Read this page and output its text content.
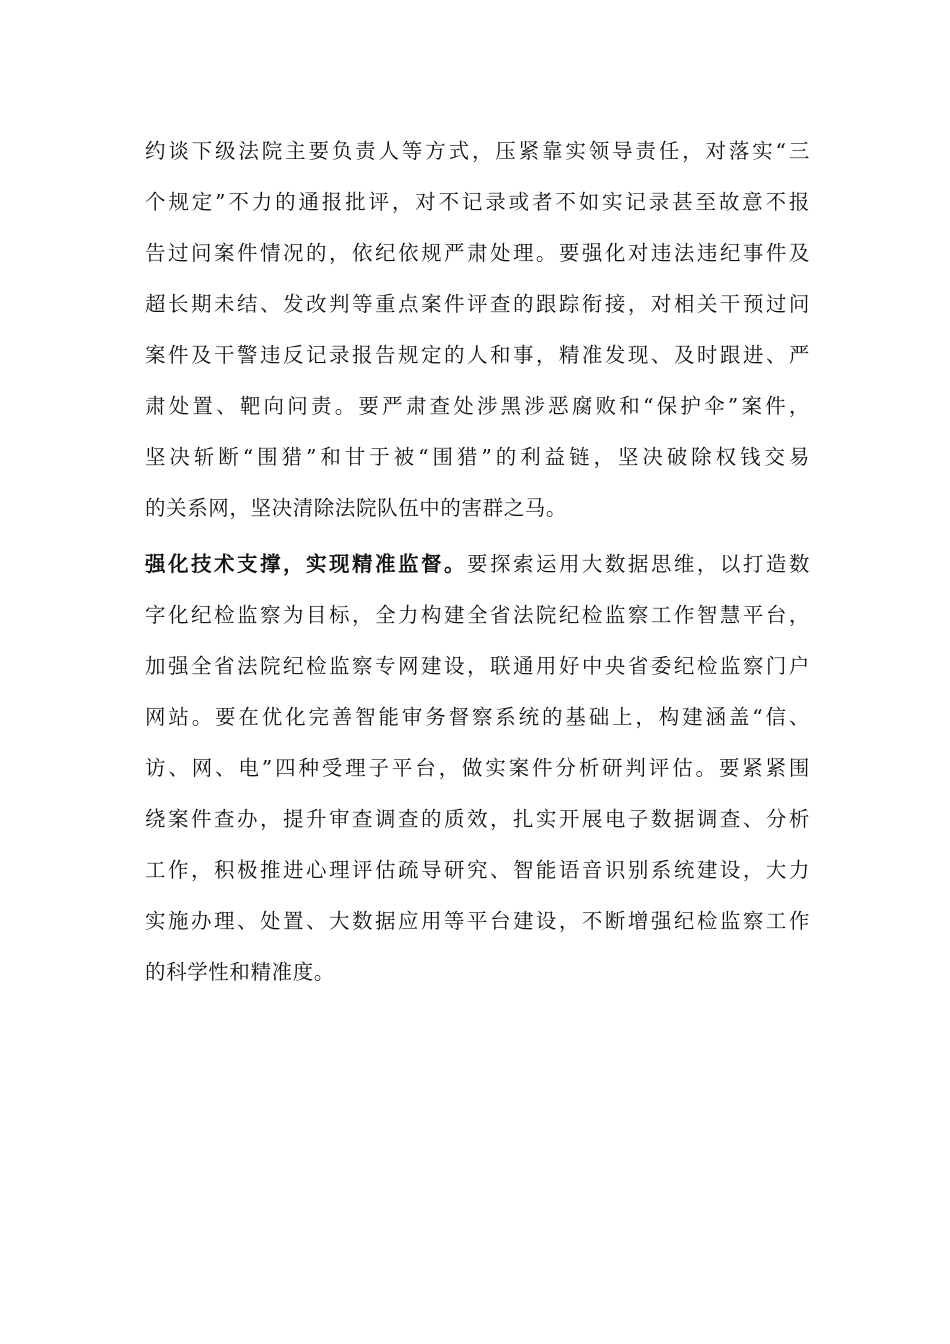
约谈下级法院主要负责人等方式，压紧靠实领导责任，对落实“三
个规定”不力的通报批评，对不记录或者不如实记录甚至故意不报
告过问案件情况的，依纪依规严肃处理。要强化对违法违纪事件及
超长期未结、发改判等重点案件评查的跟踪衔接，对相关干预过问
案件及干警违反记录报告规定的人和事，精准发现、及时跟进、严
肃处置、靶向问责。要严肃查处涉黑涉恶腐败和“保护伞”案件，
坚决斩断“围猎”和甘于被“围猎”的利益链，坚决破除权钱交易
的关系网，坚决清除法院队伍中的害群之马。
强化技术支撑，实现精准监督。要探索运用大数据思维，以打造数
字化纪检监察为目标，全力构建全省法院纪检监察工作智慧平台，
加强全省法院纪检监察专网建设，联通用好中央省委纪检监察门户
网站。要在优化完善智能审务督察系统的基础上，构建涵盖“信、
访、网、电”四种受理子平台，做实案件分析研判评估。要紧紧围
绕案件查办，提升审查调查的质效，扎实开展电子数据调查、分析
工作，积极推进心理评估疏导研究、智能语音识别系统建设，大力
实施办理、处置、大数据应用等平台建设，不断增强纪检监察工作
的科学性和精准度。
